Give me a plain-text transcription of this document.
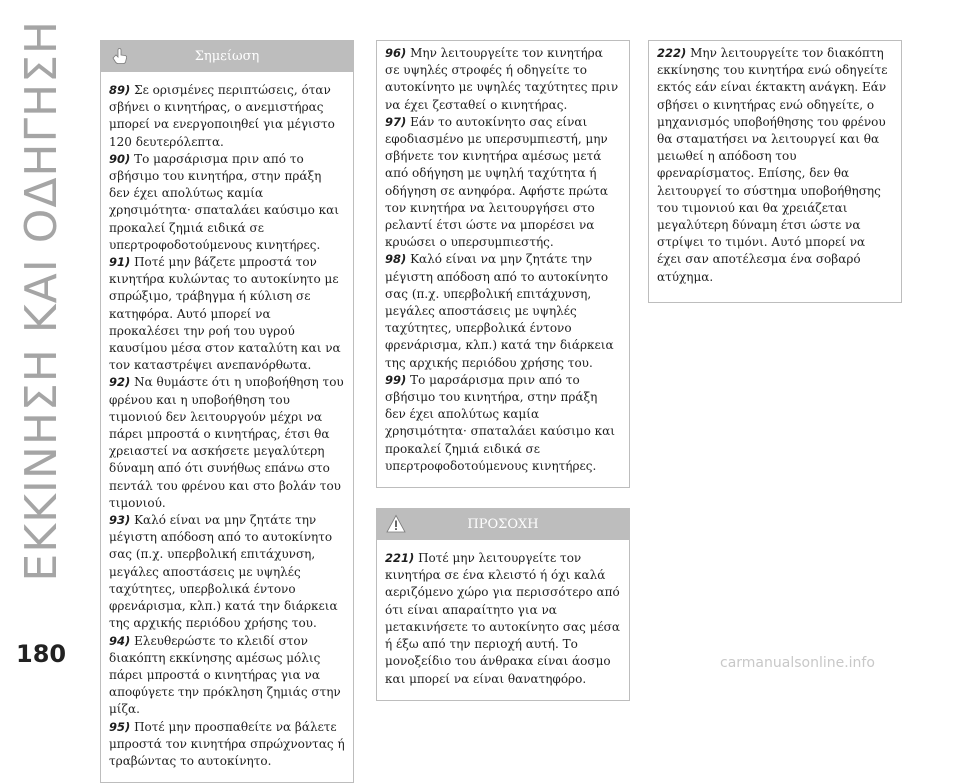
ΕΚΚΙΝΗΣΗ ΚΑΙ ΟΔΗΓΗΣΗ	Σημείωση

89) Σε ορισμένες περιπτώσεις, όταν σβήνει ο κινητήρας, ο ανεμιστήρας μπορεί να ενεργοποιηθεί για μέγιστο 120 δευτερόλεπτα.

90) Το μαρσάρισμα πριν από το σβήσιμο του κινητήρα, στην πράξη δεν έχει απολύτως καμία χρησιμότητα· σπαταλάει καύσιμο και προκαλεί ζημιά ειδικά σε υπερτροφοδοτούμενους κινητήρες.

91) Ποτέ μην βάζετε μπροστά τον κινητήρα κυλώντας το αυτοκίνητο με σπρώξιμο, τράβηγμα ή κύλιση σε κατηφόρα. Αυτό μπορεί να προκαλέσει την ροή του υγρού καυσίμου μέσα στον καταλύτη και να τον καταστρέψει ανεπανόρθωτα.

92) Να θυμάστε ότι η υποβοήθηση του φρένου και η υποβοήθηση του τιμονιού δεν λειτουργούν μέχρι να πάρει μπροστά ο κινητήρας, έτσι θα χρειαστεί να ασκήσετε μεγαλύτερη δύναμη από ότι συνήθως επάνω στο πεντάλ του φρένου και στο βολάν του τιμονιού.

93) Καλό είναι να μην ζητάτε την μέγιστη απόδοση από το αυτοκίνητο σας (π.χ. υπερβολική επιτάχυνση, μεγάλες αποστάσεις με υψηλές ταχύτητες, υπερβολικά έντονο φρενάρισμα, κλπ.) κατά την διάρκεια της αρχικής περιόδου χρήσης του.

94) Ελευθερώστε το κλειδί στον διακόπτη εκκίνησης αμέσως μόλις πάρει μπροστά ο κινητήρας για να αποφύγετε την πρόκληση ζημιάς στην μίζα.

95) Ποτέ μην προσπαθείτε να βάλετε μπροστά τον κινητήρα σπρώχνοντας ή τραβώντας το αυτοκίνητο.

96) Μην λειτουργείτε τον κινητήρα σε υψηλές στροφές ή οδηγείτε το αυτοκίνητο με υψηλές ταχύτητες πριν να έχει ζεσταθεί ο κινητήρας.

97) Εάν το αυτοκίνητο σας είναι εφοδιασμένο με υπερσυμπιεστή, μην σβήνετε τον κινητήρα αμέσως μετά από οδήγηση με υψηλή ταχύτητα ή οδήγηση σε ανηφόρα. Αφήστε πρώτα τον κινητήρα να λειτουργήσει στο ρελαντί έτσι ώστε να μπορέσει να κρυώσει ο υπερσυμπιεστής.

98) Καλό είναι να μην ζητάτε την μέγιστη απόδοση από το αυτοκίνητο σας (π.χ. υπερβολική επιτάχυνση, μεγάλες αποστάσεις με υψηλές ταχύτητες, υπερβολικά έντονο φρενάρισμα, κλπ.) κατά την διάρκεια της αρχικής περιόδου χρήσης του.

99) Το μαρσάρισμα πριν από το σβήσιμο του κινητήρα, στην πράξη δεν έχει απολύτως καμία χρησιμότητα· σπαταλάει καύσιμο και προκαλεί ζημιά ειδικά σε υπερτροφοδοτούμενους κινητήρες.

ΠΡΟΣΟΧΗ

221) Ποτέ μην λειτουργείτε τον κινητήρα σε ένα κλειστό ή όχι καλά αεριζόμενο χώρο για περισσότερο από ότι είναι απαραίτητο για να μετακινήσετε το αυτοκίνητο σας μέσα ή έξω από την περιοχή αυτή. Το μονοξείδιο του άνθρακα είναι άοσμο και μπορεί να είναι θανατηφόρο.

222) Μην λειτουργείτε τον διακόπτη εκκίνησης του κινητήρα ενώ οδηγείτε εκτός εάν είναι έκτακτη ανάγκη. Εάν σβήσει ο κινητήρας ενώ οδηγείτε, ο μηχανισμός υποβοήθησης του φρένου θα σταματήσει να λειτουργεί και θα μειωθεί η απόδοση του φρεναρίσματος. Επίσης, δεν θα λειτουργεί το σύστημα υποβοήθησης του τιμονιού και θα χρειάζεται μεγαλύτερη δύναμη έτσι ώστε να στρίψει το τιμόνι. Αυτό μπορεί να έχει σαν αποτέλεσμα ένα σοβαρό ατύχημα.

180	carmanualsonline.info
